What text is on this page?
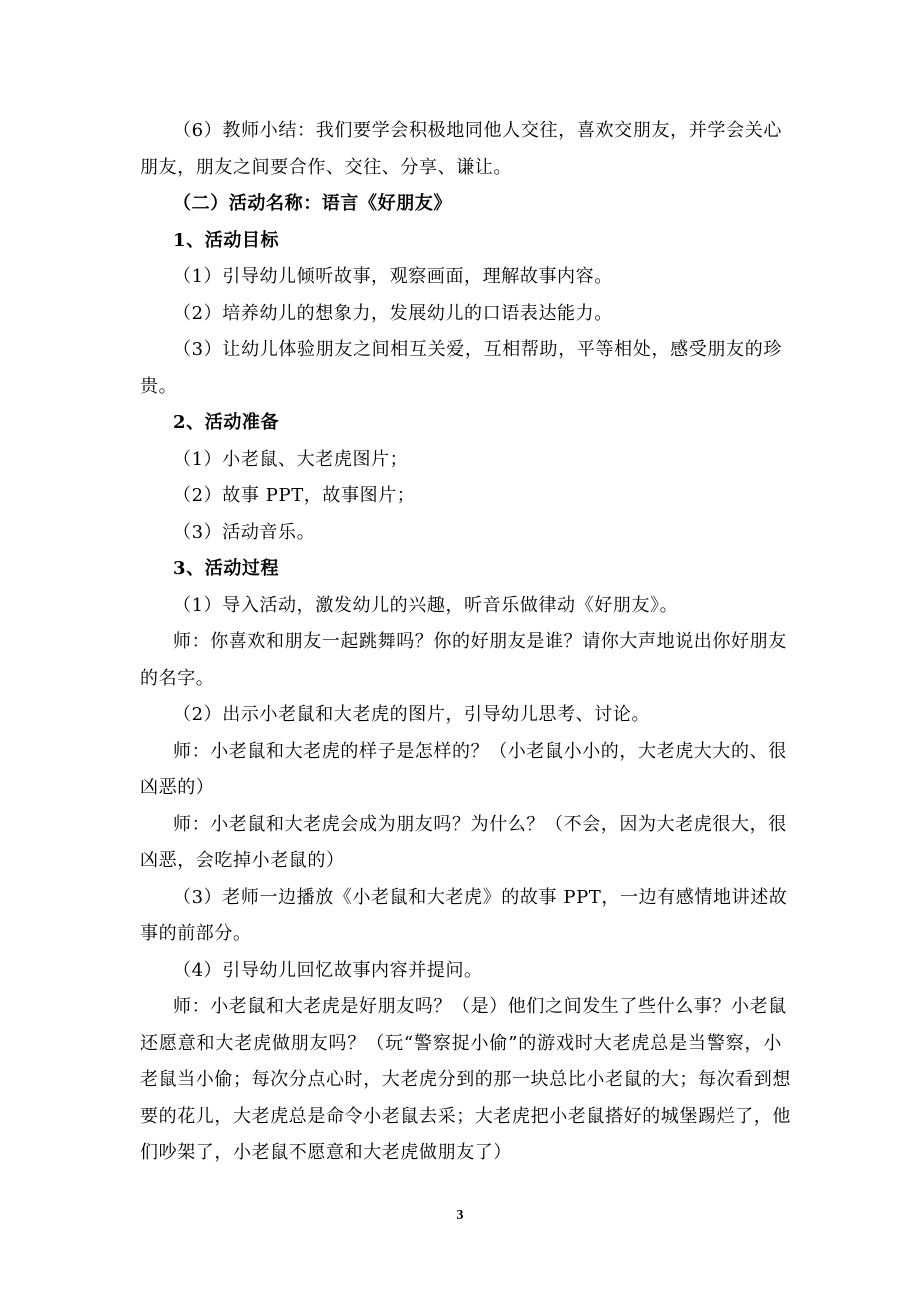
（6）教师小结：我们要学会积极地同他人交往，喜欢交朋友，并学会关心
朋友，朋友之间要合作、交往、分享、谦让。
（二）活动名称：语言《好朋友》
1、活动目标
（1）引导幼儿倾听故事，观察画面，理解故事内容。
（2）培养幼儿的想象力，发展幼儿的口语表达能力。
（3）让幼儿体验朋友之间相互关爱，互相帮助，平等相处，感受朋友的珍
贵。
2、活动准备
（1）小老鼠、大老虎图片；
（2）故事 PPT，故事图片；
（3）活动音乐。
3、活动过程
（1）导入活动，激发幼儿的兴趣，听音乐做律动《好朋友》。
师：你喜欢和朋友一起跳舞吗？你的好朋友是谁？请你大声地说出你好朋友
的名字。
（2）出示小老鼠和大老虎的图片，引导幼儿思考、讨论。
师：小老鼠和大老虎的样子是怎样的？（小老鼠小小的，大老虎大大的、很
凶恶的）
师：小老鼠和大老虎会成为朋友吗？为什么？（不会，因为大老虎很大，很
凶恶，会吃掉小老鼠的）
（3）老师一边播放《小老鼠和大老虎》的故事 PPT，一边有感情地讲述故
事的前部分。
（4）引导幼儿回忆故事内容并提问。
师：小老鼠和大老虎是好朋友吗？（是）他们之间发生了些什么事？小老鼠
还愿意和大老虎做朋友吗？（玩“警察捉小偷”的游戏时大老虎总是当警察，小
老鼠当小偷；每次分点心时，大老虎分到的那一块总比小老鼠的大；每次看到想
要的花儿，大老虎总是命令小老鼠去采；大老虎把小老鼠搭好的城堡踢烂了，他
们吵架了，小老鼠不愿意和大老虎做朋友了）
3
